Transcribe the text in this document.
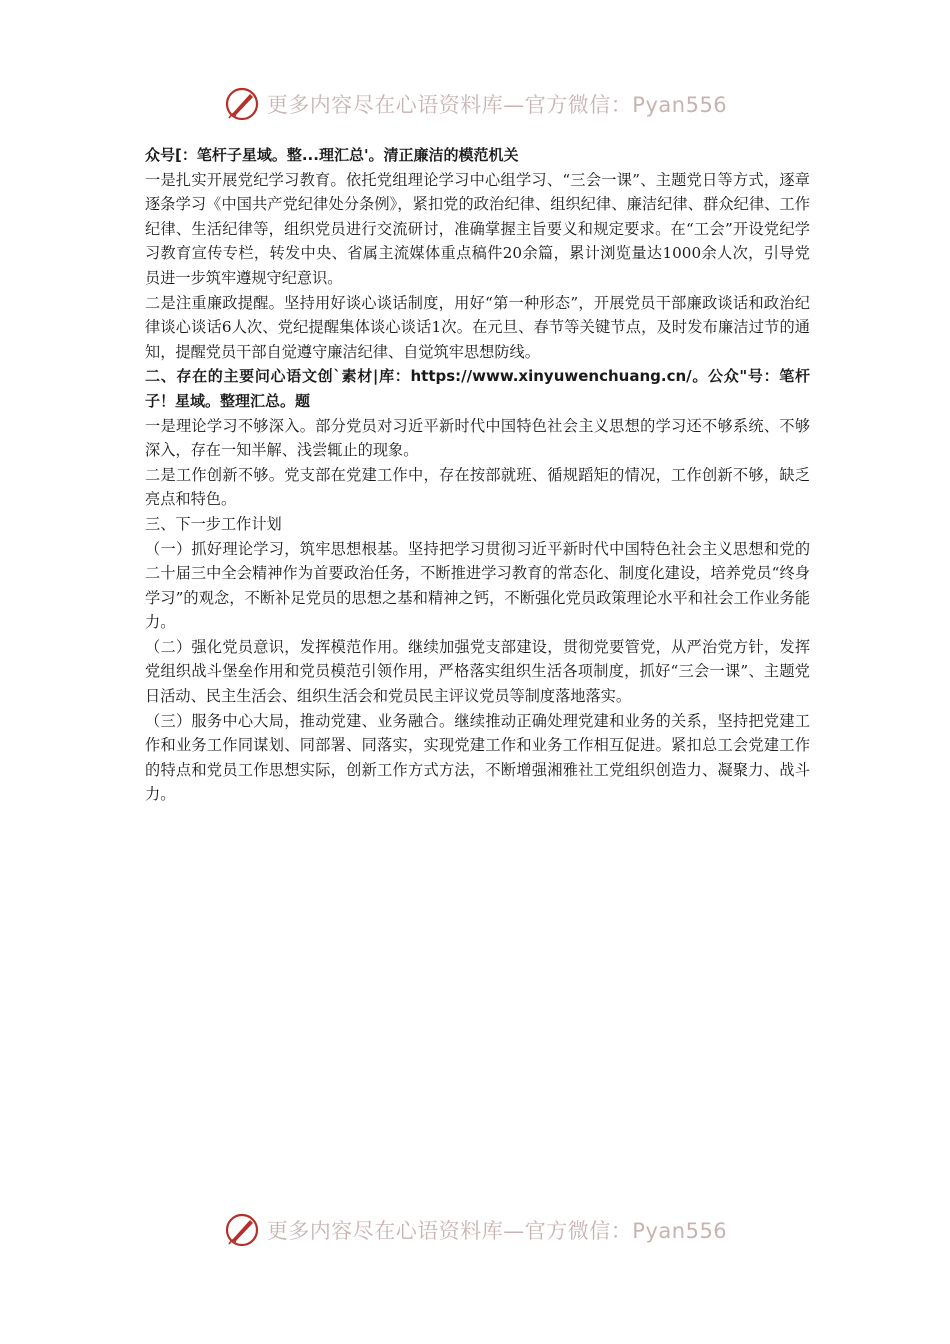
更多内容尽在心语资料库—官方微信：Pyan556

众号[：笔杆子星域。整...理汇总'。清正廉洁的模范机关

一是扎实开展党纪学习教育。依托党组理论学习中心组学习、“三会一课”、主题党日等方式，逐章逐条学习《中国共产党纪律处分条例》，紧扣党的政治纪律、组织纪律、廉洁纪律、群众纪律、工作纪律、生活纪律等，组织党员进行交流研讨，准确掌握主旨要义和规定要求。在“工会”开设党纪学习教育宣传专栏，转发中央、省属主流媒体重点稿件20余篇，累计浏览量达1000余人次，引导党员进一步筑牢遵规守纪意识。

二是注重廉政提醒。坚持用好谈心谈话制度，用好“第一种形态”，开展党员干部廉政谈话和政治纪律谈心谈话6人次、党纪提醒集体谈心谈话1次。在元旦、春节等关键节点，及时发布廉洁过节的通知，提醒党员干部自觉遵守廉洁纪律、自觉筑牢思想防线。

二、存在的主要问心语文创`素材|库：https://www.xinyuwenchuang.cn/。公众"号：笔杆子！星域。整理汇总。题

一是理论学习不够深入。部分党员对习近平新时代中国特色社会主义思想的学习还不够系统、不够深入，存在一知半解、浅尝辄止的现象。

二是工作创新不够。党支部在党建工作中，存在按部就班、循规蹈矩的情况，工作创新不够，缺乏亮点和特色。

三、下一步工作计划

（一）抓好理论学习，筑牢思想根基。坚持把学习贯彻习近平新时代中国特色社会主义思想和党的二十届三中全会精神作为首要政治任务，不断推进学习教育的常态化、制度化建设，培养党员“终身学习”的观念，不断补足党员的思想之基和精神之钙，不断强化党员政策理论水平和社会工作业务能力。

（二）强化党员意识，发挥模范作用。继续加强党支部建设，贯彻党要管党，从严治党方针，发挥党组织战斗堡垒作用和党员模范引领作用，严格落实组织生活各项制度，抓好“三会一课”、主题党日活动、民主生活会、组织生活会和党员民主评议党员等制度落地落实。

（三）服务中心大局，推动党建、业务融合。继续推动正确处理党建和业务的关系，坚持把党建工作和业务工作同谋划、同部署、同落实，实现党建工作和业务工作相互促进。紧扣总工会党建工作的特点和党员工作思想实际，创新工作方式方法，不断增强湘雅社工党组织创造力、凝聚力、战斗力。

更多内容尽在心语资料库—官方微信：Pyan556
